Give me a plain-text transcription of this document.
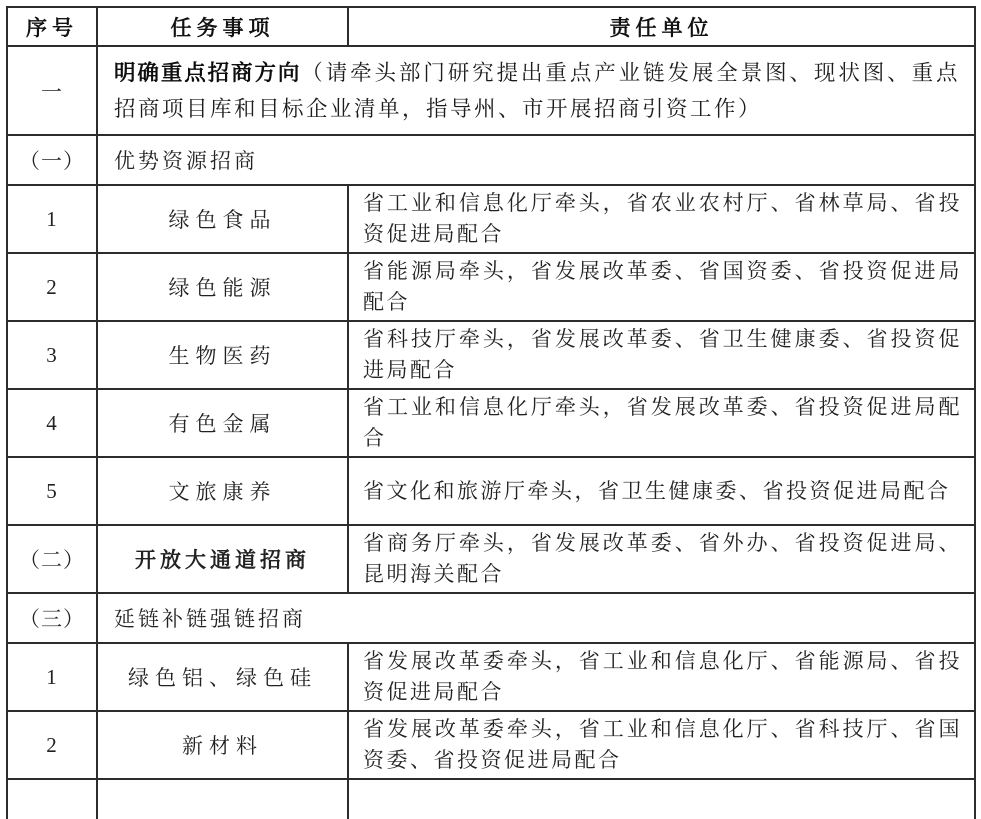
序号	任务事项	责任单位
一	明确重点招商方向（请牵头部门研究提出重点产业链发展全景图、现状图、重点招商项目库和目标企业清单，指导州、市开展招商引资工作）	
（一）	优势资源招商	
1	绿色食品	省工业和信息化厅牵头，省农业农村厅、省林草局、省投资促进局配合
2	绿色能源	省能源局牵头，省发展改革委、省国资委、省投资促进局配合
3	生物医药	省科技厅牵头，省发展改革委、省卫生健康委、省投资促进局配合
4	有色金属	省工业和信息化厅牵头，省发展改革委、省投资促进局配合
5	文旅康养	省文化和旅游厅牵头，省卫生健康委、省投资促进局配合
（二）	开放大通道招商	省商务厅牵头，省发展改革委、省外办、省投资促进局、昆明海关配合
（三）	延链补链强链招商	
1	绿色铝、绿色硅	省发展改革委牵头，省工业和信息化厅、省能源局、省投资促进局配合
2	新材料	省发展改革委牵头，省工业和信息化厅、省科技厅、省国资委、省投资促进局配合
